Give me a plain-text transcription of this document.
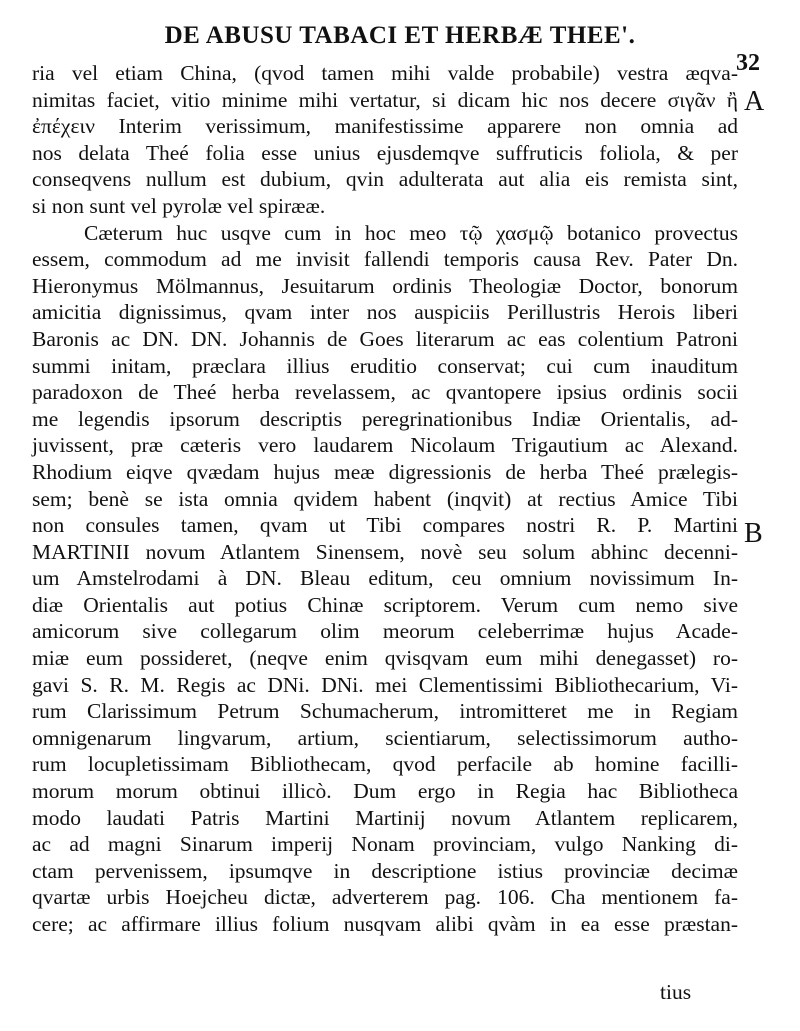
DE ABUSU TABACI ET HERBÆ THEE'.
32
A
B
ria vel etiam China, (qvod tamen mihi valde probabile) vestra æqva-
nimitas faciet, vitio minime mihi vertatur, si dicam hic nos decere σιγᾶν ἢ
ἐπέχειν Interim verissimum, manifestissime apparere non omnia ad
nos delata Theé folia esse unius ejusdemqve suffruticis foliola, & per
conseqvens nullum est dubium, qvin adulterata aut alia eis remista sint,
si non sunt vel pyrolæ vel spirææ.
Cæterum huc usqve cum in hoc meo τῷ χασμῷ botanico provectus
essem, commodum ad me invisit fallendi temporis causa Rev. Pater Dn.
Hieronymus Mölmannus, Jesuitarum ordinis Theologiæ Doctor, bonorum
amicitia dignissimus, qvam inter nos auspiciis Perillustris Herois liberi
Baronis ac DN. DN. Johannis de Goes literarum ac eas colentium Patroni
summi initam, præclara illius eruditio conservat; cui cum inauditum
paradoxon de Theé herba revelassem, ac qvantopere ipsius ordinis socii
me legendis ipsorum descriptis peregrinationibus Indiæ Orientalis, ad-
juvissent, præ cæteris vero laudarem Nicolaum Trigautium ac Alexand.
Rhodium eiqve qvædam hujus meæ digressionis de herba Theé prælegis-
sem; benè se ista omnia qvidem habent (inqvit) at rectius Amice Tibi
non consules tamen, qvam ut Tibi compares nostri R. P. Martini
MARTINII novum Atlantem Sinensem, novè seu solum abhinc decenni-
um Amstelrodami à DN. Bleau editum, ceu omnium novissimum In-
diæ Orientalis aut potius Chinæ scriptorem. Verum cum nemo sive
amicorum sive collegarum olim meorum celeberrimæ hujus Acade-
miæ eum possideret, (neqve enim qvisqvam eum mihi denegasset) ro-
gavi S. R. M. Regis ac DNi. DNi. mei Clementissimi Bibliothecarium, Vi-
rum Clarissimum Petrum Schumacherum, intromitteret me in Regiam
omnigenarum lingvarum, artium, scientiarum, selectissimorum autho-
rum locupletissimam Bibliothecam, qvod perfacile ab homine facilli-
morum morum obtinui illicò. Dum ergo in Regia hac Bibliotheca
modo laudati Patris Martini Martinij novum Atlantem replicarem,
ac ad magni Sinarum imperij Nonam provinciam, vulgo Nanking di-
ctam pervenissem, ipsumqve in descriptione istius provinciæ decimæ
qvartæ urbis Hoejcheu dictæ, adverterem pag. 106. Cha mentionem fa-
cere; ac affirmare illius folium nusqvam alibi qvàm in ea esse præstan-
tius
